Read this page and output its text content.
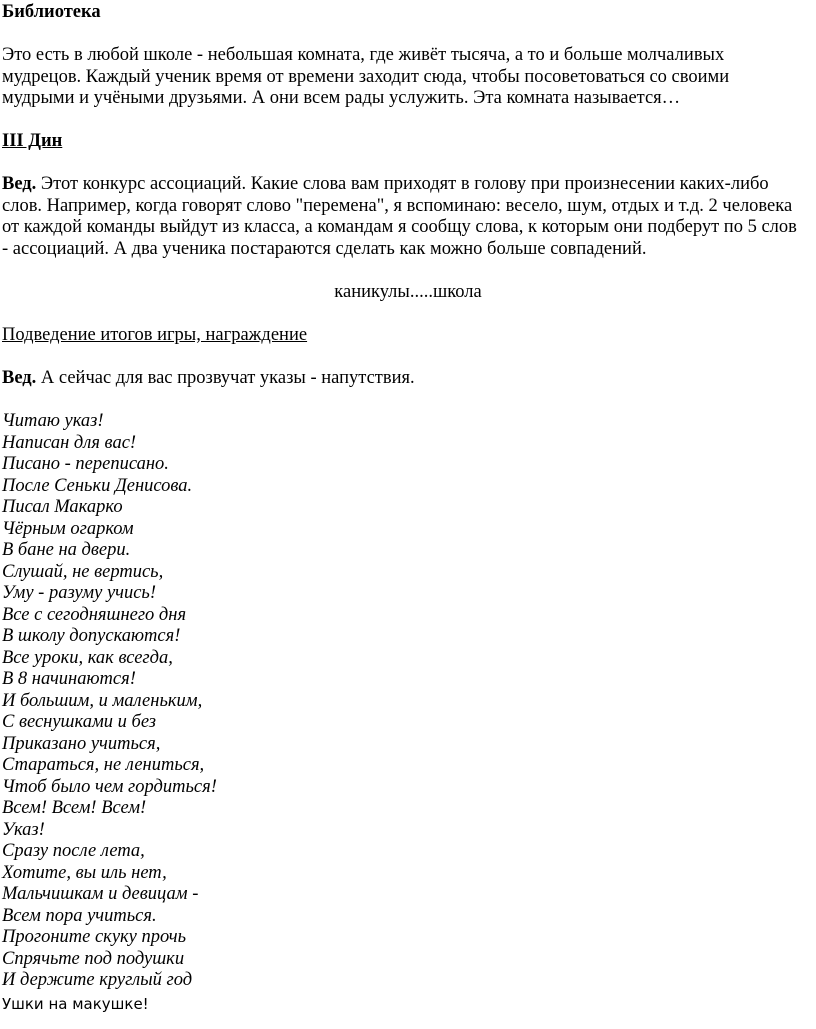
Библиотека
Это есть в любой школе - небольшая комната, где живёт тысяча, а то и больше молчаливых
мудрецов. Каждый ученик время от времени заходит сюда, чтобы посоветоваться со своими
мудрыми и учёными друзьями. А они всем рады услужить. Эта комната называется…
III Дин
Вед. Этот конкурс ассоциаций. Какие слова вам приходят в голову при произнесении каких-либо
слов. Например, когда говорят слово "перемена", я вспоминаю: весело, шум, отдых и т.д. 2 человека
от каждой команды выйдут из класса, а командам я сообщу слова, к которым они подберут по 5 слов
- ассоциаций. А два ученика постараются сделать как можно больше совпадений.
каникулы.....школа
Подведение итогов игры, награждение
Вед. А сейчас для вас прозвучат указы - напутствия.
Читаю указ!
Написан для вас!
Писано - переписано.
После Сеньки Денисова.
Писал Макарко
Чёрным огарком
В бане на двери.
Слушай, не вертись,
Уму - разуму учись!
Все с сегодняшнего дня
В школу допускаются!
Все уроки, как всегда,
В 8 начинаются!
И большим, и маленьким,
С веснушками и без
Приказано учиться,
Стараться, не лениться,
Чтоб было чем гордиться!
Всем! Всем! Всем!
Указ!
Сразу после лета,
Хотите, вы иль нет,
Мальчишкам и девицам -
Всем пора учиться.
Прогоните скуку прочь
Спрячьте под подушки
И держите круглый год
Ушки на макушке!
